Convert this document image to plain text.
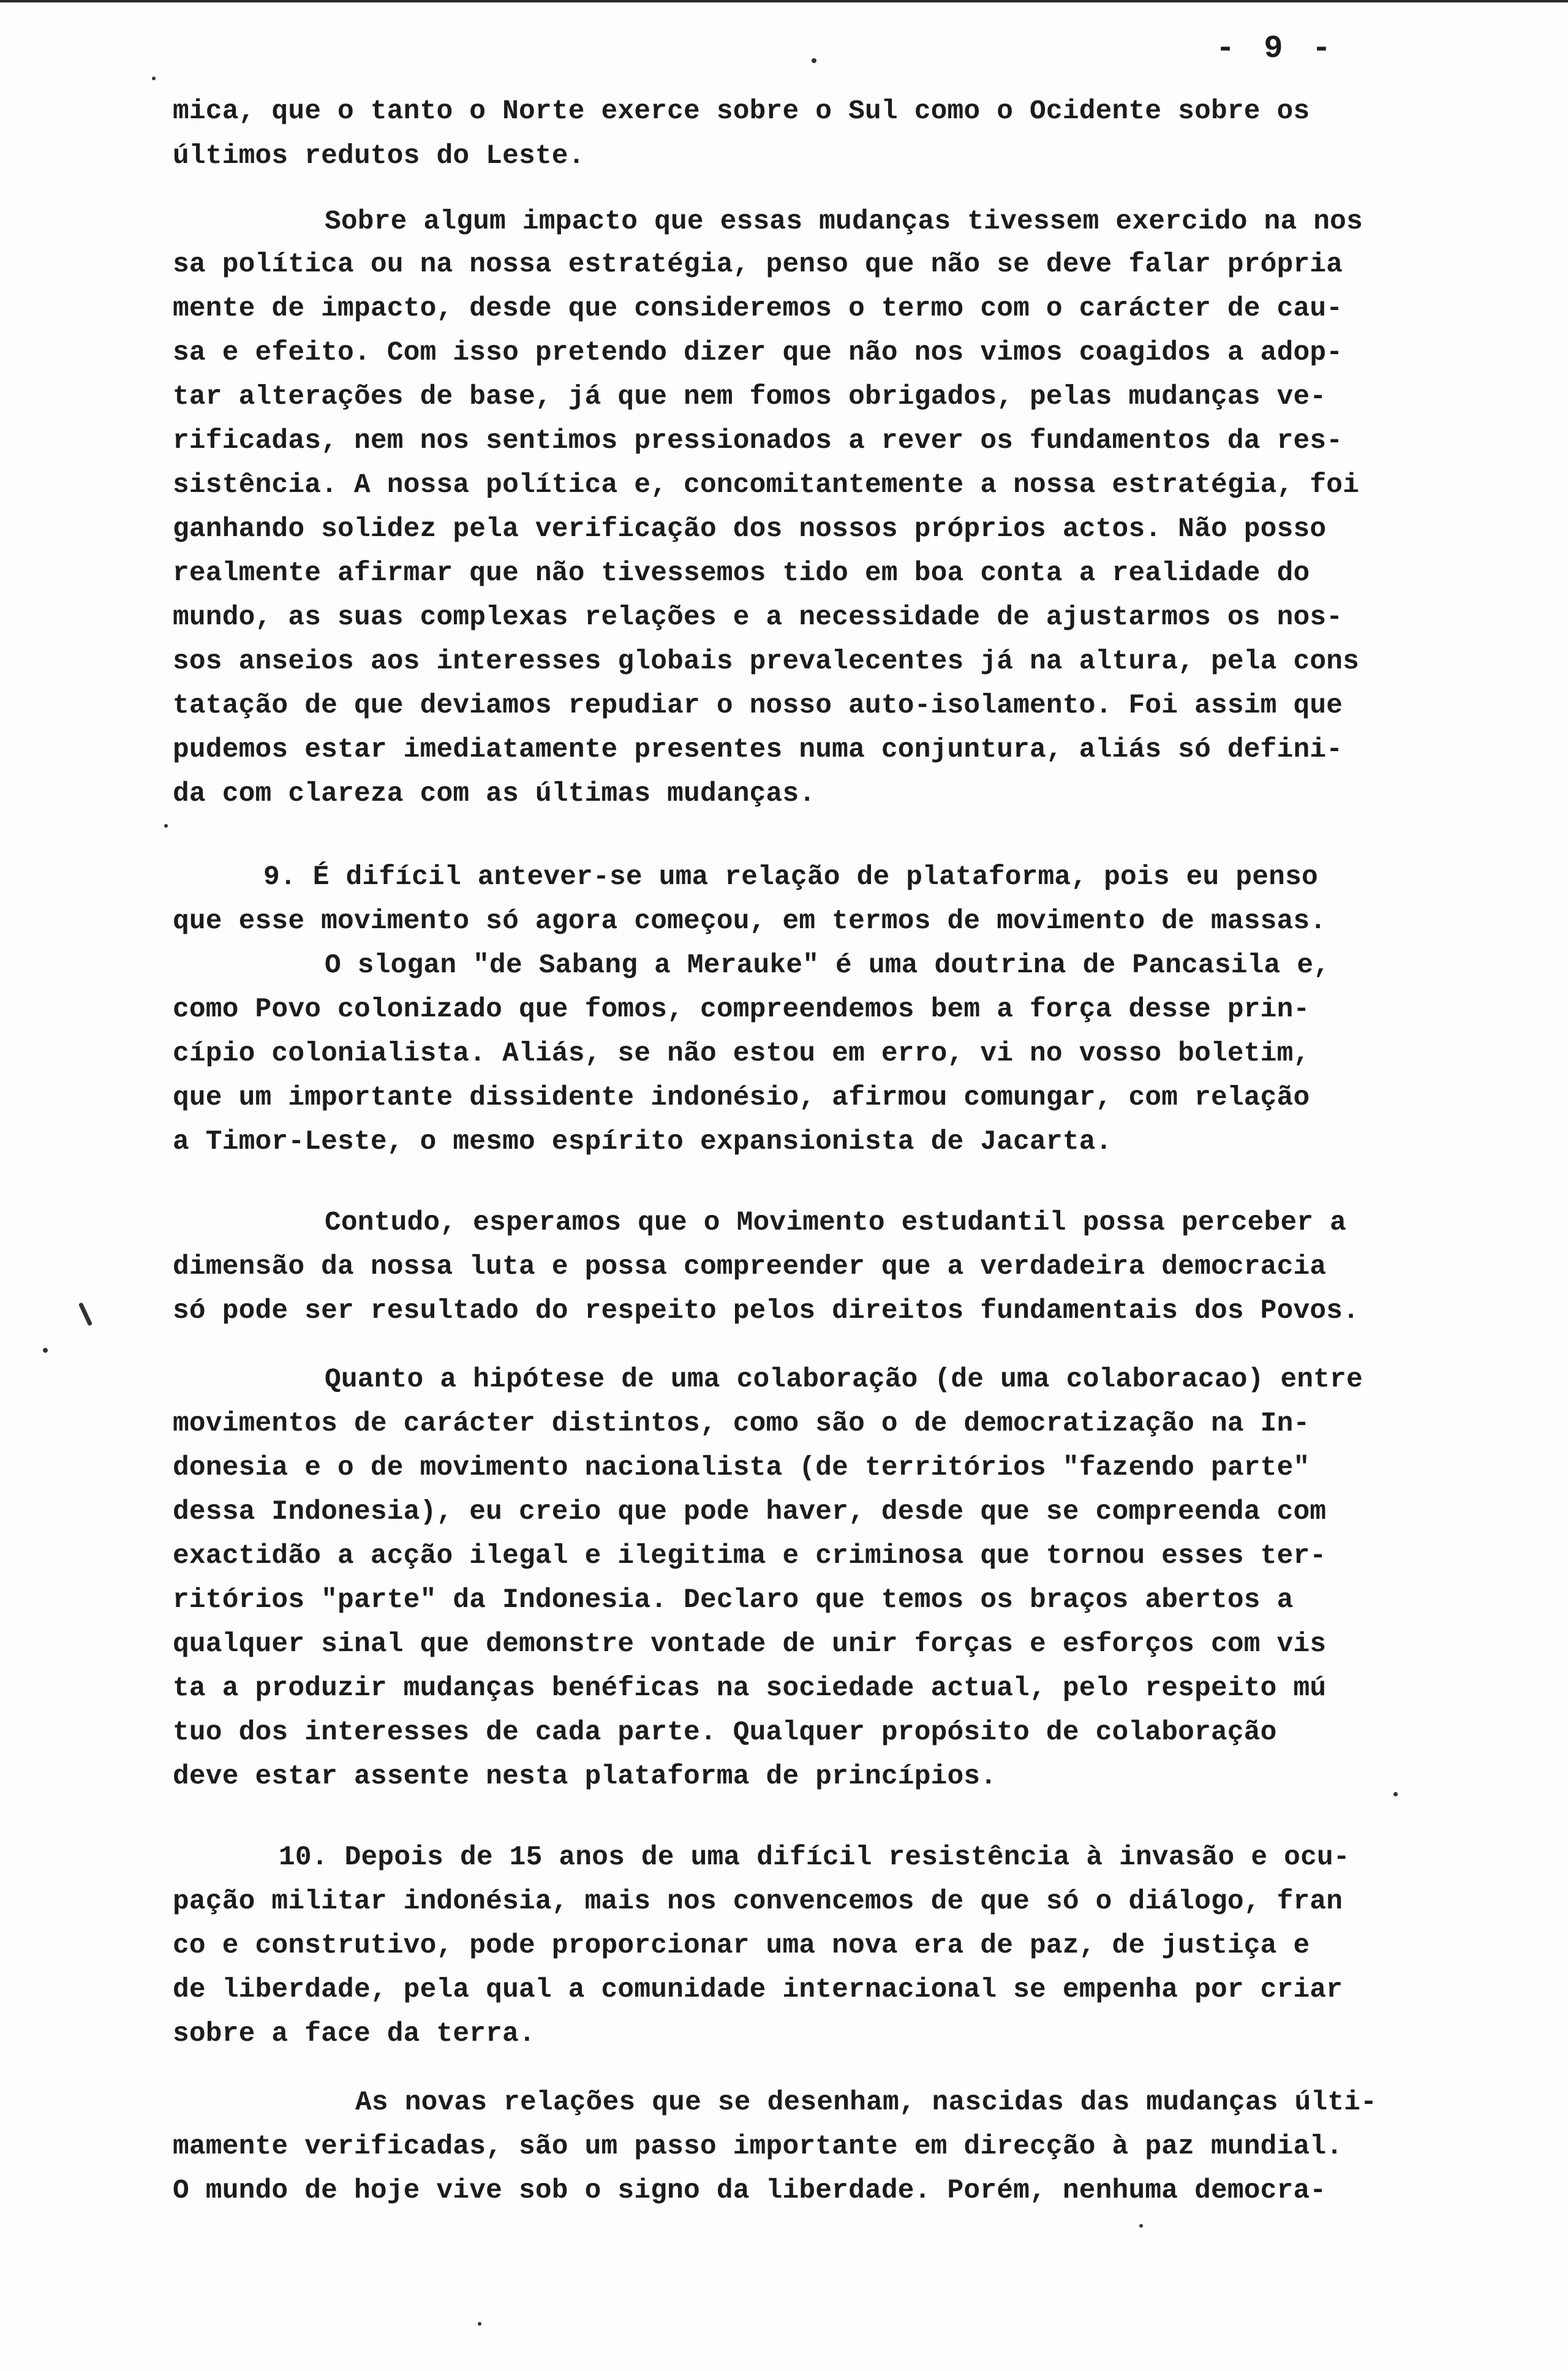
- 9 -
mica, que o tanto o Norte exerce sobre o Sul como o Ocidente sobre os
últimos redutos do Leste.
Sobre algum impacto que essas mudanças tivessem exercido na nos
sa política ou na nossa estratégia, penso que não se deve falar própria
mente de impacto, desde que consideremos o termo com o carácter de cau-
sa e efeito. Com isso pretendo dizer que não nos vimos coagidos a adop-
tar alterações de base, já que nem fomos obrigados, pelas mudanças ve-
rificadas, nem nos sentimos pressionados a rever os fundamentos da res-
sistência. A nossa política e, concomitantemente a nossa estratégia, foi
ganhando solidez pela verificação dos nossos próprios actos. Não posso
realmente afirmar que não tivessemos tido em boa conta a realidade do
mundo, as suas complexas relações e a necessidade de ajustarmos os nos-
sos anseios aos interesses globais prevalecentes já na altura, pela cons
tatação de que deviamos repudiar o nosso auto-isolamento. Foi assim que
pudemos estar imediatamente presentes numa conjuntura, aliás só defini-
da com clareza com as últimas mudanças.
9. É difícil antever-se uma relação de plataforma, pois eu penso
que esse movimento só agora começou, em termos de movimento de massas.
O slogan "de Sabang a Merauke" é uma doutrina de Pancasila e,
como Povo colonizado que fomos, compreendemos bem a força desse prin-
cípio colonialista. Aliás, se não estou em erro, vi no vosso boletim,
que um importante dissidente indonésio, afirmou comungar, com relação
a Timor-Leste, o mesmo espírito expansionista de Jacarta.
Contudo, esperamos que o Movimento estudantil possa perceber a
dimensão da nossa luta e possa compreender que a verdadeira democracia
só pode ser resultado do respeito pelos direitos fundamentais dos Povos.
Quanto a hipótese de uma colaboração (de uma colaboracao) entre
movimentos de carácter distintos, como são o de democratização na In-
donesia e o de movimento nacionalista (de territórios "fazendo parte"
dessa Indonesia), eu creio que pode haver, desde que se compreenda com
exactidão a acção ilegal e ilegitima e criminosa que tornou esses ter-
ritórios "parte" da Indonesia. Declaro que temos os braços abertos a
qualquer sinal que demonstre vontade de unir forças e esforços com vis
ta a produzir mudanças benéficas na sociedade actual, pelo respeito mú
tuo dos interesses de cada parte. Qualquer propósito de colaboração
deve estar assente nesta plataforma de princípios.
10. Depois de 15 anos de uma difícil resistência à invasão e ocu-
pação militar indonésia, mais nos convencemos de que só o diálogo, fran
co e construtivo, pode proporcionar uma nova era de paz, de justiça e
de liberdade, pela qual a comunidade internacional se empenha por criar
sobre a face da terra.
As novas relações que se desenham, nascidas das mudanças últi-
mamente verificadas, são um passo importante em direcção à paz mundial.
O mundo de hoje vive sob o signo da liberdade. Porém, nenhuma democra-
